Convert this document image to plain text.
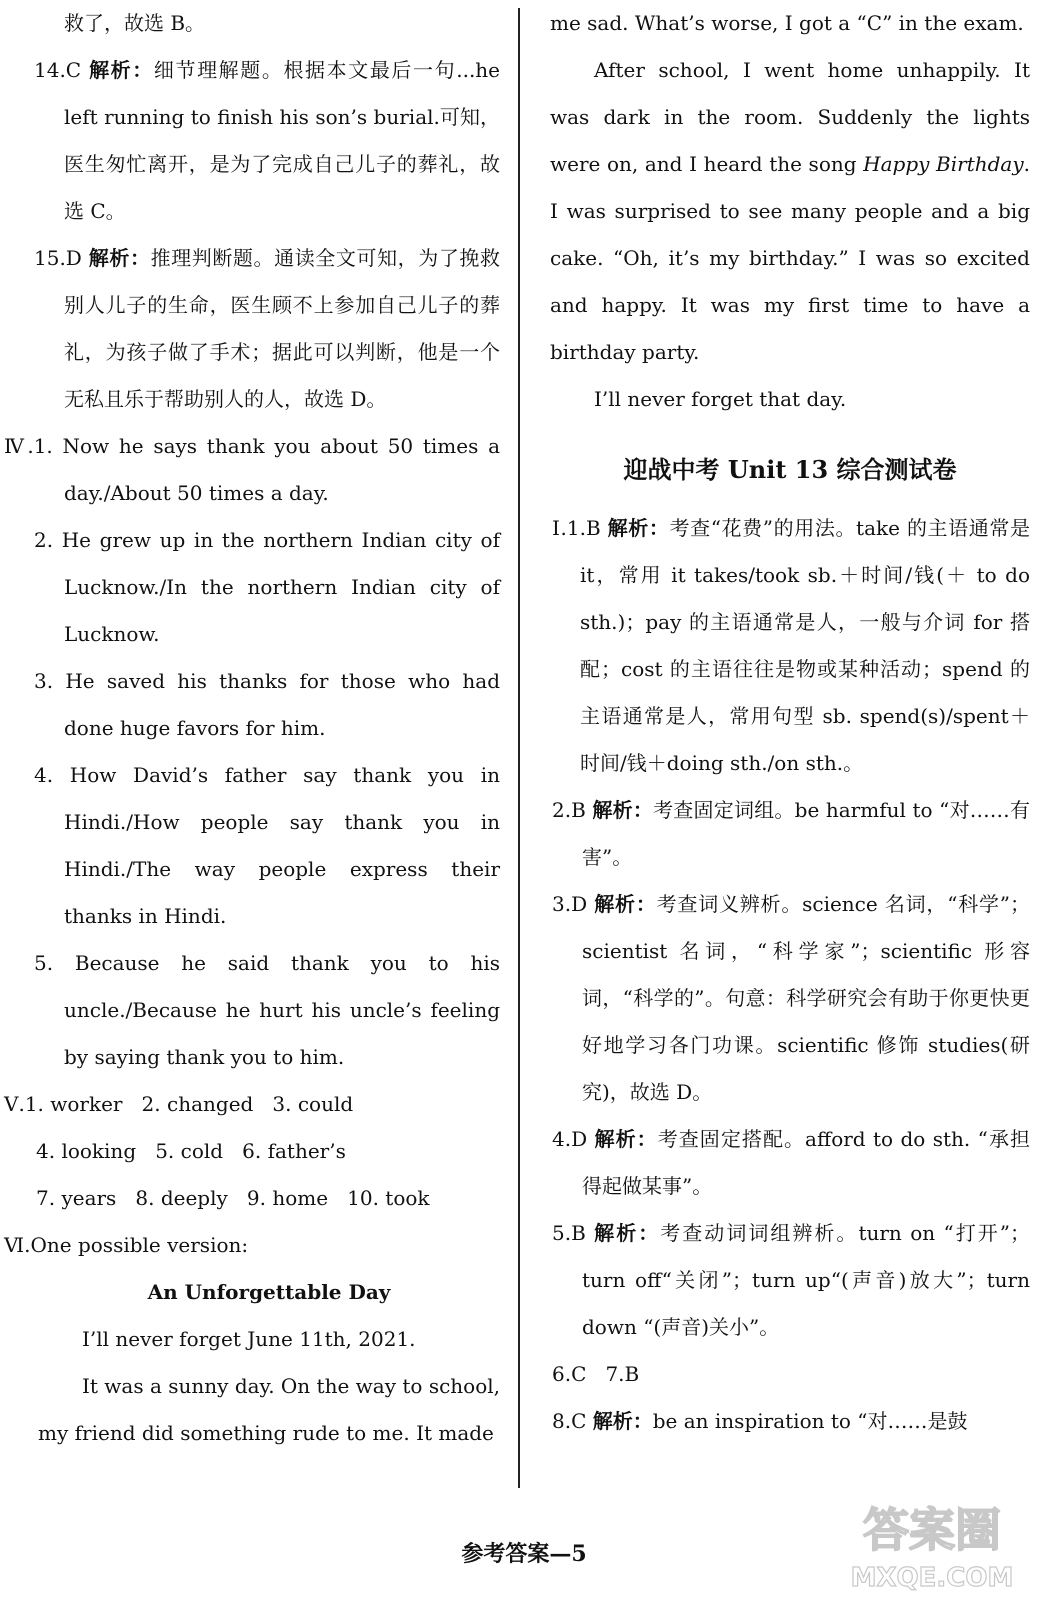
救了，故选 B。

14.C 解析：细节理解题。根据本文最后一句...he left running to finish his son’s burial.可知，医生匆忙离开，是为了完成自己儿子的葬礼，故选 C。

15.D 解析：推理判断题。通读全文可知，为了挽救别人儿子的生命，医生顾不上参加自己儿子的葬礼，为孩子做了手术；据此可以判断，他是一个无私且乐于帮助别人的人，故选 D。

Ⅳ.1. Now he says thank you about 50 times a day./About 50 times a day.

2. He grew up in the northern Indian city of Lucknow./In the northern Indian city of Lucknow.

3. He saved his thanks for those who had done huge favors for him.

4. How David’s father say thank you in Hindi./How people say thank you in Hindi./The way people express their thanks in Hindi.

5. Because he said thank you to his uncle./Because he hurt his uncle’s feeling by saying thank you to him.

Ⅴ.1. worker   2. changed   3. could

4. looking   5. cold   6. father’s

7. years   8. deeply   9. home   10. took

Ⅵ.One possible version:

An Unforgettable Day

I’ll never forget June 11th, 2021.

It was a sunny day. On the way to school, my friend did something rude to me. It made

me sad. What’s worse, I got a “C” in the exam.

After school, I went home unhappily. It was dark in the room. Suddenly the lights were on, and I heard the song Happy Birthday. I was surprised to see many people and a big cake. “Oh, it’s my birthday.” I was so excited and happy. It was my first time to have a birthday party.

I’ll never forget that day.

迎战中考 Unit 13 综合测试卷

Ⅰ.1.B 解析：考查“花费”的用法。take 的主语通常是 it，常用 it takes/took sb.＋时间/钱(＋ to do sth.)；pay 的主语通常是人，一般与介词 for 搭配；cost 的主语往往是物或某种活动；spend 的主语通常是人，常用句型 sb. spend(s)/spent＋时间/钱＋doing sth./on sth.。

2.B 解析：考查固定词组。be harmful to “对……有害”。

3.D 解析：考查词义辨析。science 名词，“科学”；scientist 名词，“科学家”；scientific 形容词，“科学的”。句意：科学研究会有助于你更快更好地学习各门功课。scientific 修饰 studies(研究)，故选 D。

4.D 解析：考查固定搭配。afford to do sth. “承担得起做某事”。

5.B 解析：考查动词词组辨析。turn on “打开”；turn off“关闭”；turn up“(声音)放大”；turn down “(声音)关小”。

6.C   7.B

8.C 解析：be an inspiration to “对……是鼓

参考答案—5	答案圈
MXQE.COM
